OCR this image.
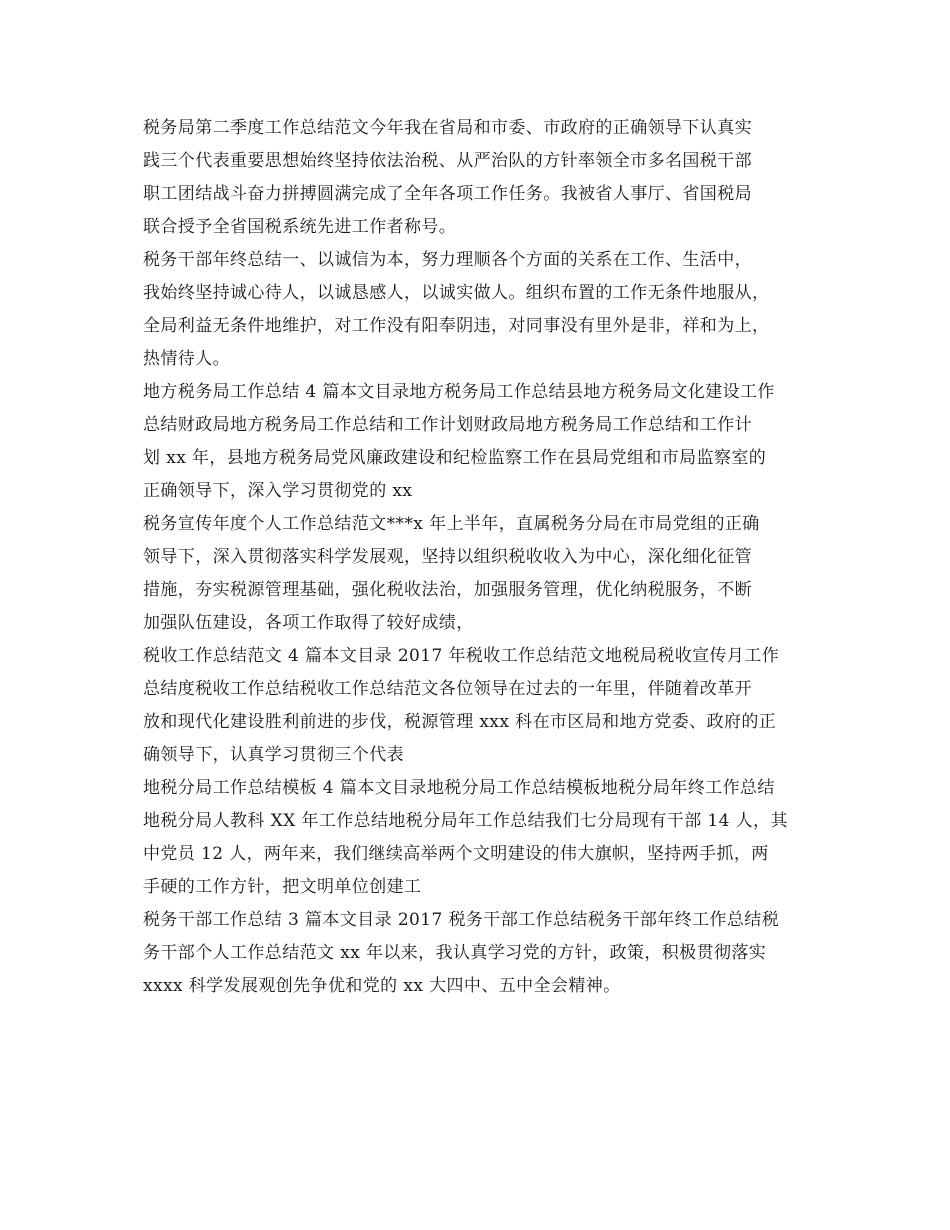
税务局第二季度工作总结范文今年我在省局和市委、市政府的正确领导下认真实
践三个代表重要思想始终坚持依法治税、从严治队的方针率领全市多名国税干部
职工团结战斗奋力拼搏圆满完成了全年各项工作任务。我被省人事厅、省国税局
联合授予全省国税系统先进工作者称号。
税务干部年终总结一、以诚信为本，努力理顺各个方面的关系在工作、生活中，
我始终坚持诚心待人，以诚恳感人，以诚实做人。组织布置的工作无条件地服从，
全局利益无条件地维护，对工作没有阳奉阴违，对同事没有里外是非，祥和为上，
热情待人。
地方税务局工作总结 4 篇本文目录地方税务局工作总结县地方税务局文化建设工作
总结财政局地方税务局工作总结和工作计划财政局地方税务局工作总结和工作计
划 xx 年，县地方税务局党风廉政建设和纪检监察工作在县局党组和市局监察室的
正确领导下，深入学习贯彻党的 xx
税务宣传年度个人工作总结范文***x 年上半年，直属税务分局在市局党组的正确
领导下，深入贯彻落实科学发展观，坚持以组织税收收入为中心，深化细化征管
措施，夯实税源管理基础，强化税收法治，加强服务管理，优化纳税服务，不断
加强队伍建设，各项工作取得了较好成绩，
税收工作总结范文 4 篇本文目录 2017 年税收工作总结范文地税局税收宣传月工作
总结度税收工作总结税收工作总结范文各位领导在过去的一年里，伴随着改革开
放和现代化建设胜利前进的步伐，税源管理 xxx 科在市区局和地方党委、政府的正
确领导下，认真学习贯彻三个代表
地税分局工作总结模板 4 篇本文目录地税分局工作总结模板地税分局年终工作总结
地税分局人教科 XX 年工作总结地税分局年工作总结我们七分局现有干部 14 人，其
中党员 12 人，两年来，我们继续高举两个文明建设的伟大旗帜，坚持两手抓，两
手硬的工作方针，把文明单位创建工
税务干部工作总结 3 篇本文目录 2017 税务干部工作总结税务干部年终工作总结税
务干部个人工作总结范文 xx 年以来，我认真学习党的方针，政策，积极贯彻落实
xxxx 科学发展观创先争优和党的 xx 大四中、五中全会精神。
